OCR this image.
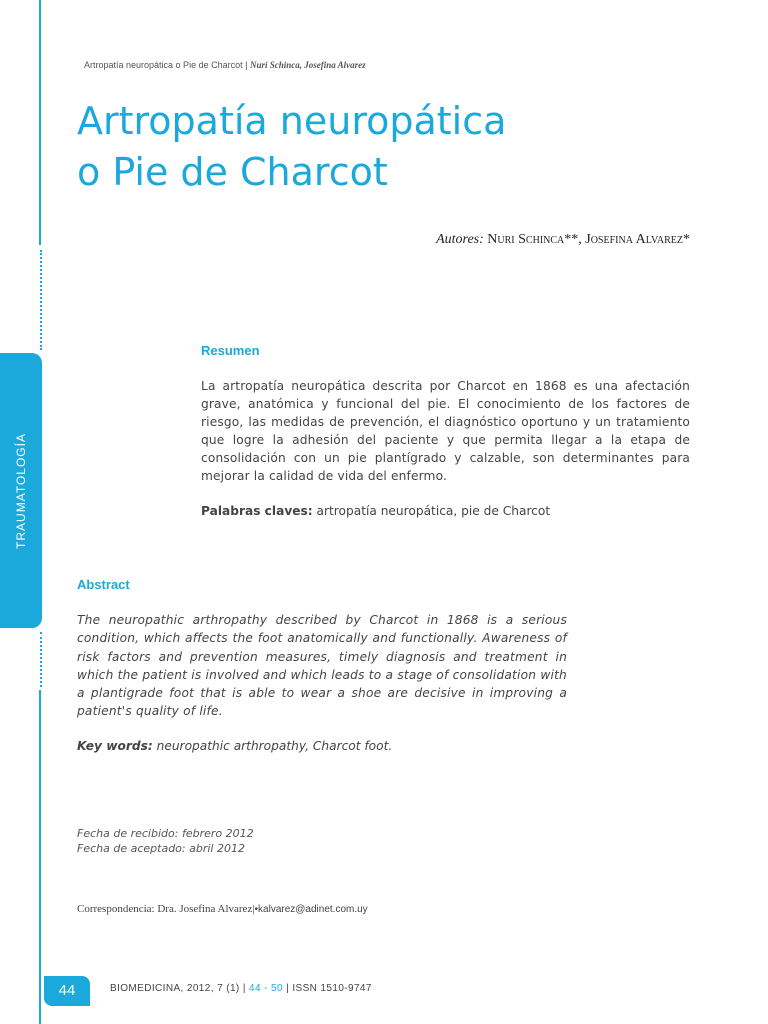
TRAUMATOLOGÍA
Artropatía neuropática o Pie de Charcot | Nuri Schinca, Josefina Alvarez
Artropatía neuropática
o Pie de Charcot
Autores: Nuri Schinca**, Josefina Alvarez*
Resumen

La artropatía neuropática descrita por Charcot en 1868 es una afectación grave, anatómica y funcional del pie. El conocimiento de los factores de riesgo, las medidas de prevención, el diagnóstico oportuno y un tratamiento que logre la adhesión del paciente y que permita llegar a la etapa de consolidación con un pie plantígrado y calzable, son determinantes para mejorar la calidad de vida del enfermo.

Palabras claves: artropatía neuropática, pie de Charcot
Abstract

The neuropathic arthropathy described by Charcot in 1868 is a serious condition, which affects the foot anatomically and functionally. Awareness of risk factors and prevention measures, timely diagnosis and treatment in which the patient is involved and which leads to a stage of consolidation with a plantigrade foot that is able to wear a shoe are decisive in improving a patient's quality of life.

Key words: neuropathic arthropathy, Charcot foot.
Fecha de recibido: febrero 2012
Fecha de aceptado: abril 2012
Correspondencia: Dra. Josefina Alvarez|•kalvarez@adinet.com.uy
44	BIOMEDICINA, 2012, 7 (1) | 44 - 50 | ISSN 1510-9747
